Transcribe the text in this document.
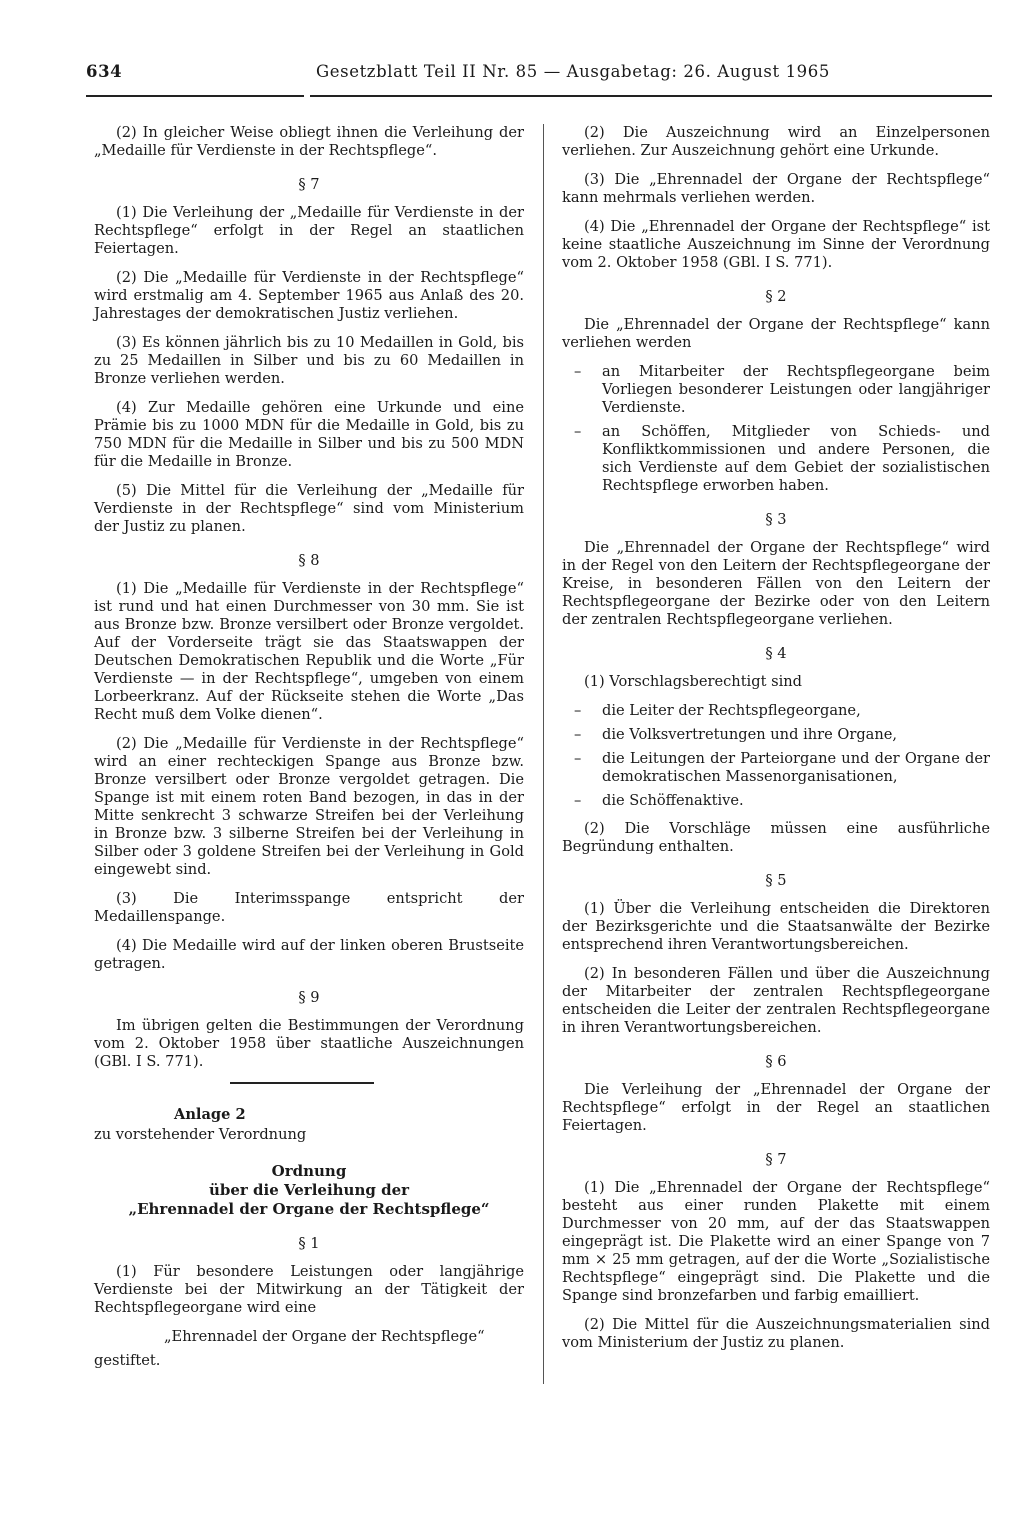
634	Gesetzblatt Teil II Nr. 85 — Ausgabetag: 26. August 1965

(2) In gleicher Weise obliegt ihnen die Verleihung der „Medaille für Verdienste in der Rechtspflege“.

§ 7

(1) Die Verleihung der „Medaille für Verdienste in der Rechtspflege“ erfolgt in der Regel an staatlichen Feiertagen.

(2) Die „Medaille für Verdienste in der Rechtspflege“ wird erstmalig am 4. September 1965 aus Anlaß des 20. Jahrestages der demokratischen Justiz verliehen.

(3) Es können jährlich bis zu 10 Medaillen in Gold, bis zu 25 Medaillen in Silber und bis zu 60 Medaillen in Bronze verliehen werden.

(4) Zur Medaille gehören eine Urkunde und eine Prämie bis zu 1000 MDN für die Medaille in Gold, bis zu 750 MDN für die Medaille in Silber und bis zu 500 MDN für die Medaille in Bronze.

(5) Die Mittel für die Verleihung der „Medaille für Verdienste in der Rechtspflege“ sind vom Ministerium der Justiz zu planen.

§ 8

(1) Die „Medaille für Verdienste in der Rechtspflege“ ist rund und hat einen Durchmesser von 30 mm. Sie ist aus Bronze bzw. Bronze versilbert oder Bronze vergoldet. Auf der Vorderseite trägt sie das Staatswappen der Deutschen Demokratischen Republik und die Worte „Für Verdienste — in der Rechtspflege“, umgeben von einem Lorbeerkranz. Auf der Rückseite stehen die Worte „Das Recht muß dem Volke dienen“.

(2) Die „Medaille für Verdienste in der Rechtspflege“ wird an einer rechteckigen Spange aus Bronze bzw. Bronze versilbert oder Bronze vergoldet getragen. Die Spange ist mit einem roten Band bezogen, in das in der Mitte senkrecht 3 schwarze Streifen bei der Verleihung in Bronze bzw. 3 silberne Streifen bei der Verleihung in Silber oder 3 goldene Streifen bei der Verleihung in Gold eingewebt sind.

(3) Die Interimsspange entspricht der Medaillenspange.

(4) Die Medaille wird auf der linken oberen Brustseite getragen.

§ 9

Im übrigen gelten die Bestimmungen der Verordnung vom 2. Oktober 1958 über staatliche Auszeichnungen (GBl. I S. 771).

Anlage 2
zu vorstehender Verordnung
Ordnung
über die Verleihung der
„Ehrennadel der Organe der Rechtspflege“
§ 1

(1) Für besondere Leistungen oder langjährige Verdienste bei der Mitwirkung an der Tätigkeit der Rechtspflegeorgane wird eine

„Ehrennadel der Organe der Rechtspflege“
gestiftet.

(2) Die Auszeichnung wird an Einzelpersonen verliehen. Zur Auszeichnung gehört eine Urkunde.

(3) Die „Ehrennadel der Organe der Rechtspflege“ kann mehrmals verliehen werden.

(4) Die „Ehrennadel der Organe der Rechtspflege“ ist keine staatliche Auszeichnung im Sinne der Verordnung vom 2. Oktober 1958 (GBl. I S. 771).

§ 2

Die „Ehrennadel der Organe der Rechtspflege“ kann verliehen werden

– an Mitarbeiter der Rechtspflegeorgane beim Vorliegen besonderer Leistungen oder langjähriger Verdienste.
– an Schöffen, Mitglieder von Schieds- und Konfliktkommissionen und andere Personen, die sich Verdienste auf dem Gebiet der sozialistischen Rechtspflege erworben haben.
§ 3

Die „Ehrennadel der Organe der Rechtspflege“ wird in der Regel von den Leitern der Rechtspflegeorgane der Kreise, in besonderen Fällen von den Leitern der Rechtspflegeorgane der Bezirke oder von den Leitern der zentralen Rechtspflegeorgane verliehen.

§ 4

(1) Vorschlagsberechtigt sind

– die Leiter der Rechtspflegeorgane,
– die Volksvertretungen und ihre Organe,
– die Leitungen der Parteiorgane und der Organe der demokratischen Massenorganisationen,
– die Schöffenaktive.

(2) Die Vorschläge müssen eine ausführliche Begründung enthalten.

§ 5

(1) Über die Verleihung entscheiden die Direktoren der Bezirksgerichte und die Staatsanwälte der Bezirke entsprechend ihren Verantwortungsbereichen.

(2) In besonderen Fällen und über die Auszeichnung der Mitarbeiter der zentralen Rechtspflegeorgane entscheiden die Leiter der zentralen Rechtspflegeorgane in ihren Verantwortungsbereichen.

§ 6

Die Verleihung der „Ehrennadel der Organe der Rechtspflege“ erfolgt in der Regel an staatlichen Feiertagen.

§ 7

(1) Die „Ehrennadel der Organe der Rechtspflege“ besteht aus einer runden Plakette mit einem Durchmesser von 20 mm, auf der das Staatswappen eingeprägt ist. Die Plakette wird an einer Spange von 7 mm × 25 mm getragen, auf der die Worte „Sozialistische Rechtspflege“ eingeprägt sind. Die Plakette und die Spange sind bronzefarben und farbig emailliert.

(2) Die Mittel für die Auszeichnungsmaterialien sind vom Ministerium der Justiz zu planen.
